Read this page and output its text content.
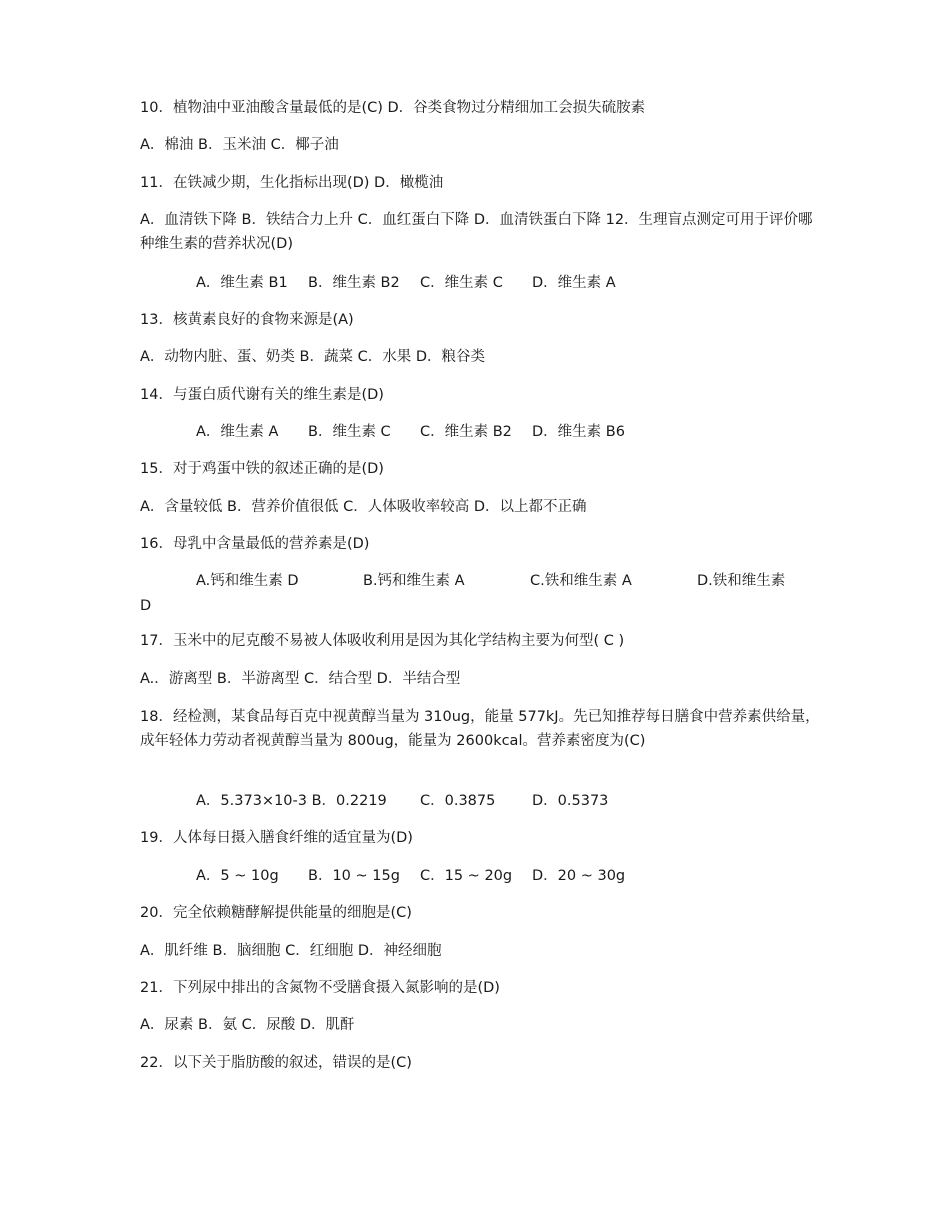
10．植物油中亚油酸含量最低的是(C) D．谷类食物过分精细加工会损失硫胺素
A．棉油 B．玉米油 C．椰子油
11．在铁减少期，生化指标出现(D) D．橄榄油
A．血清铁下降 B．铁结合力上升 C．血红蛋白下降 D．血清铁蛋白下降 12．生理盲点测定可用于评价哪种维生素的营养状况(D)
A．维生素 B1 B．维生素 B2 C．维生素 C D．维生素 A
13．核黄素良好的食物来源是(A)
A．动物内脏、蛋、奶类 B．蔬菜 C．水果 D．粮谷类
14．与蛋白质代谢有关的维生素是(D)
A．维生素 A B．维生素 C C．维生素 B2 D．维生素 B6
15．对于鸡蛋中铁的叙述正确的是(D)
A．含量较低 B．营养价值很低 C．人体吸收率较高 D．以上都不正确
16．母乳中含量最低的营养素是(D)
A.钙和维生素 D	B.钙和维生素 A	C.铁和维生素 A	D.铁和维生素
D
17．玉米中的尼克酸不易被人体吸收利用是因为其化学结构主要为何型( C )
A.．游离型 B．半游离型 C．结合型 D．半结合型
18．经检测，某食品每百克中视黄醇当量为 310ug，能量 577kJ。先已知推荐每日膳食中营养素供给量，成年轻体力劳动者视黄醇当量为 800ug，能量为 2600kcal。营养素密度为(C)
A．5.373×10-3 B．0.2219 C．0.3875	D．0.5373
19．人体每日摄入膳食纤维的适宜量为(D)
A．5 ~ 10g B．10 ~ 15g C．15 ~ 20g D．20 ~ 30g
20．完全依赖糖酵解提供能量的细胞是(C)
A．肌纤维 B．脑细胞 C．红细胞 D．神经细胞
21．下列尿中排出的含氮物不受膳食摄入氮影响的是(D)
A．尿素 B．氨 C．尿酸 D．肌酐
22．以下关于脂肪酸的叙述，错误的是(C)
